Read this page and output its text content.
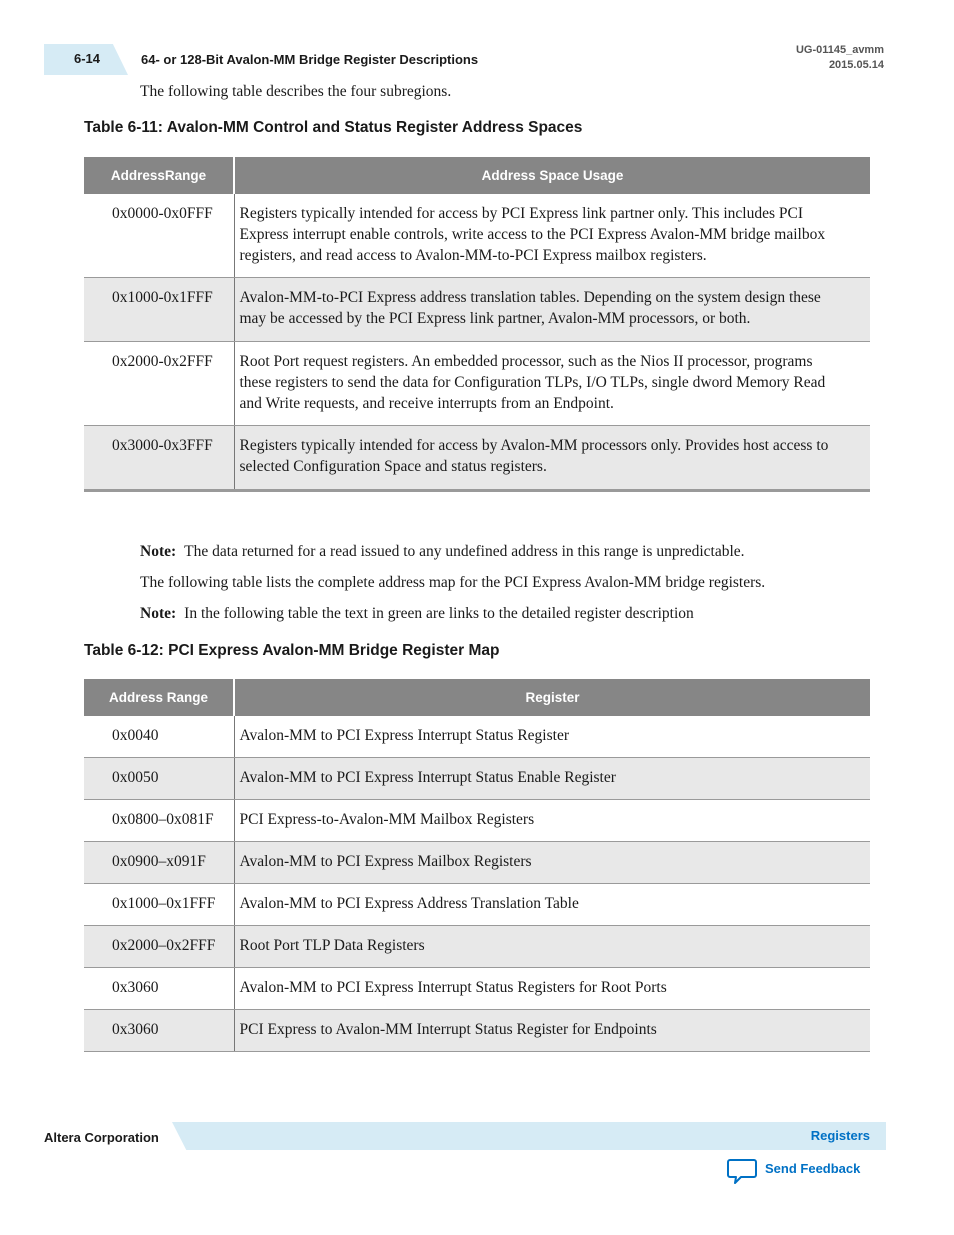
6-14	64- or 128-Bit Avalon-MM Bridge Register Descriptions
UG-01145_avmm
2015.05.14
The following table describes the four subregions.
Table 6-11: Avalon-MM Control and Status Register Address Spaces
AddressRange	Address Space Usage
0x0000-0x0FFF	Registers typically intended for access by PCI Express link partner only. This includes PCI Express interrupt enable controls, write access to the PCI Express Avalon-MM bridge mailbox registers, and read access to Avalon-MM-to-PCI Express mailbox registers.
0x1000-0x1FFF	Avalon-MM-to-PCI Express address translation tables. Depending on the system design these may be accessed by the PCI Express link partner, Avalon-MM processors, or both.
0x2000-0x2FFF	Root Port request registers. An embedded processor, such as the Nios II processor, programs these registers to send the data for Configuration TLPs, I/O TLPs, single dword Memory Read and Write requests, and receive interrupts from an Endpoint.
0x3000-0x3FFF	Registers typically intended for access by Avalon-MM processors only. Provides host access to selected Configuration Space and status registers.
Note: The data returned for a read issued to any undefined address in this range is unpredictable.
The following table lists the complete address map for the PCI Express Avalon-MM bridge registers.
Note: In the following table the text in green are links to the detailed register description
Table 6-12: PCI Express Avalon-MM Bridge Register Map
Address Range	Register
0x0040	Avalon-MM to PCI Express Interrupt Status Register
0x0050	Avalon-MM to PCI Express Interrupt Status Enable Register
0x0800–0x081F	PCI Express-to-Avalon-MM Mailbox Registers
0x0900–x091F	Avalon-MM to PCI Express Mailbox Registers
0x1000–0x1FFF	Avalon-MM to PCI Express Address Translation Table
0x2000–0x2FFF	Root Port TLP Data Registers
0x3060	Avalon-MM to PCI Express Interrupt Status Registers for Root Ports
0x3060	PCI Express to Avalon-MM Interrupt Status Register for Endpoints
Altera Corporation	Registers
Send Feedback
